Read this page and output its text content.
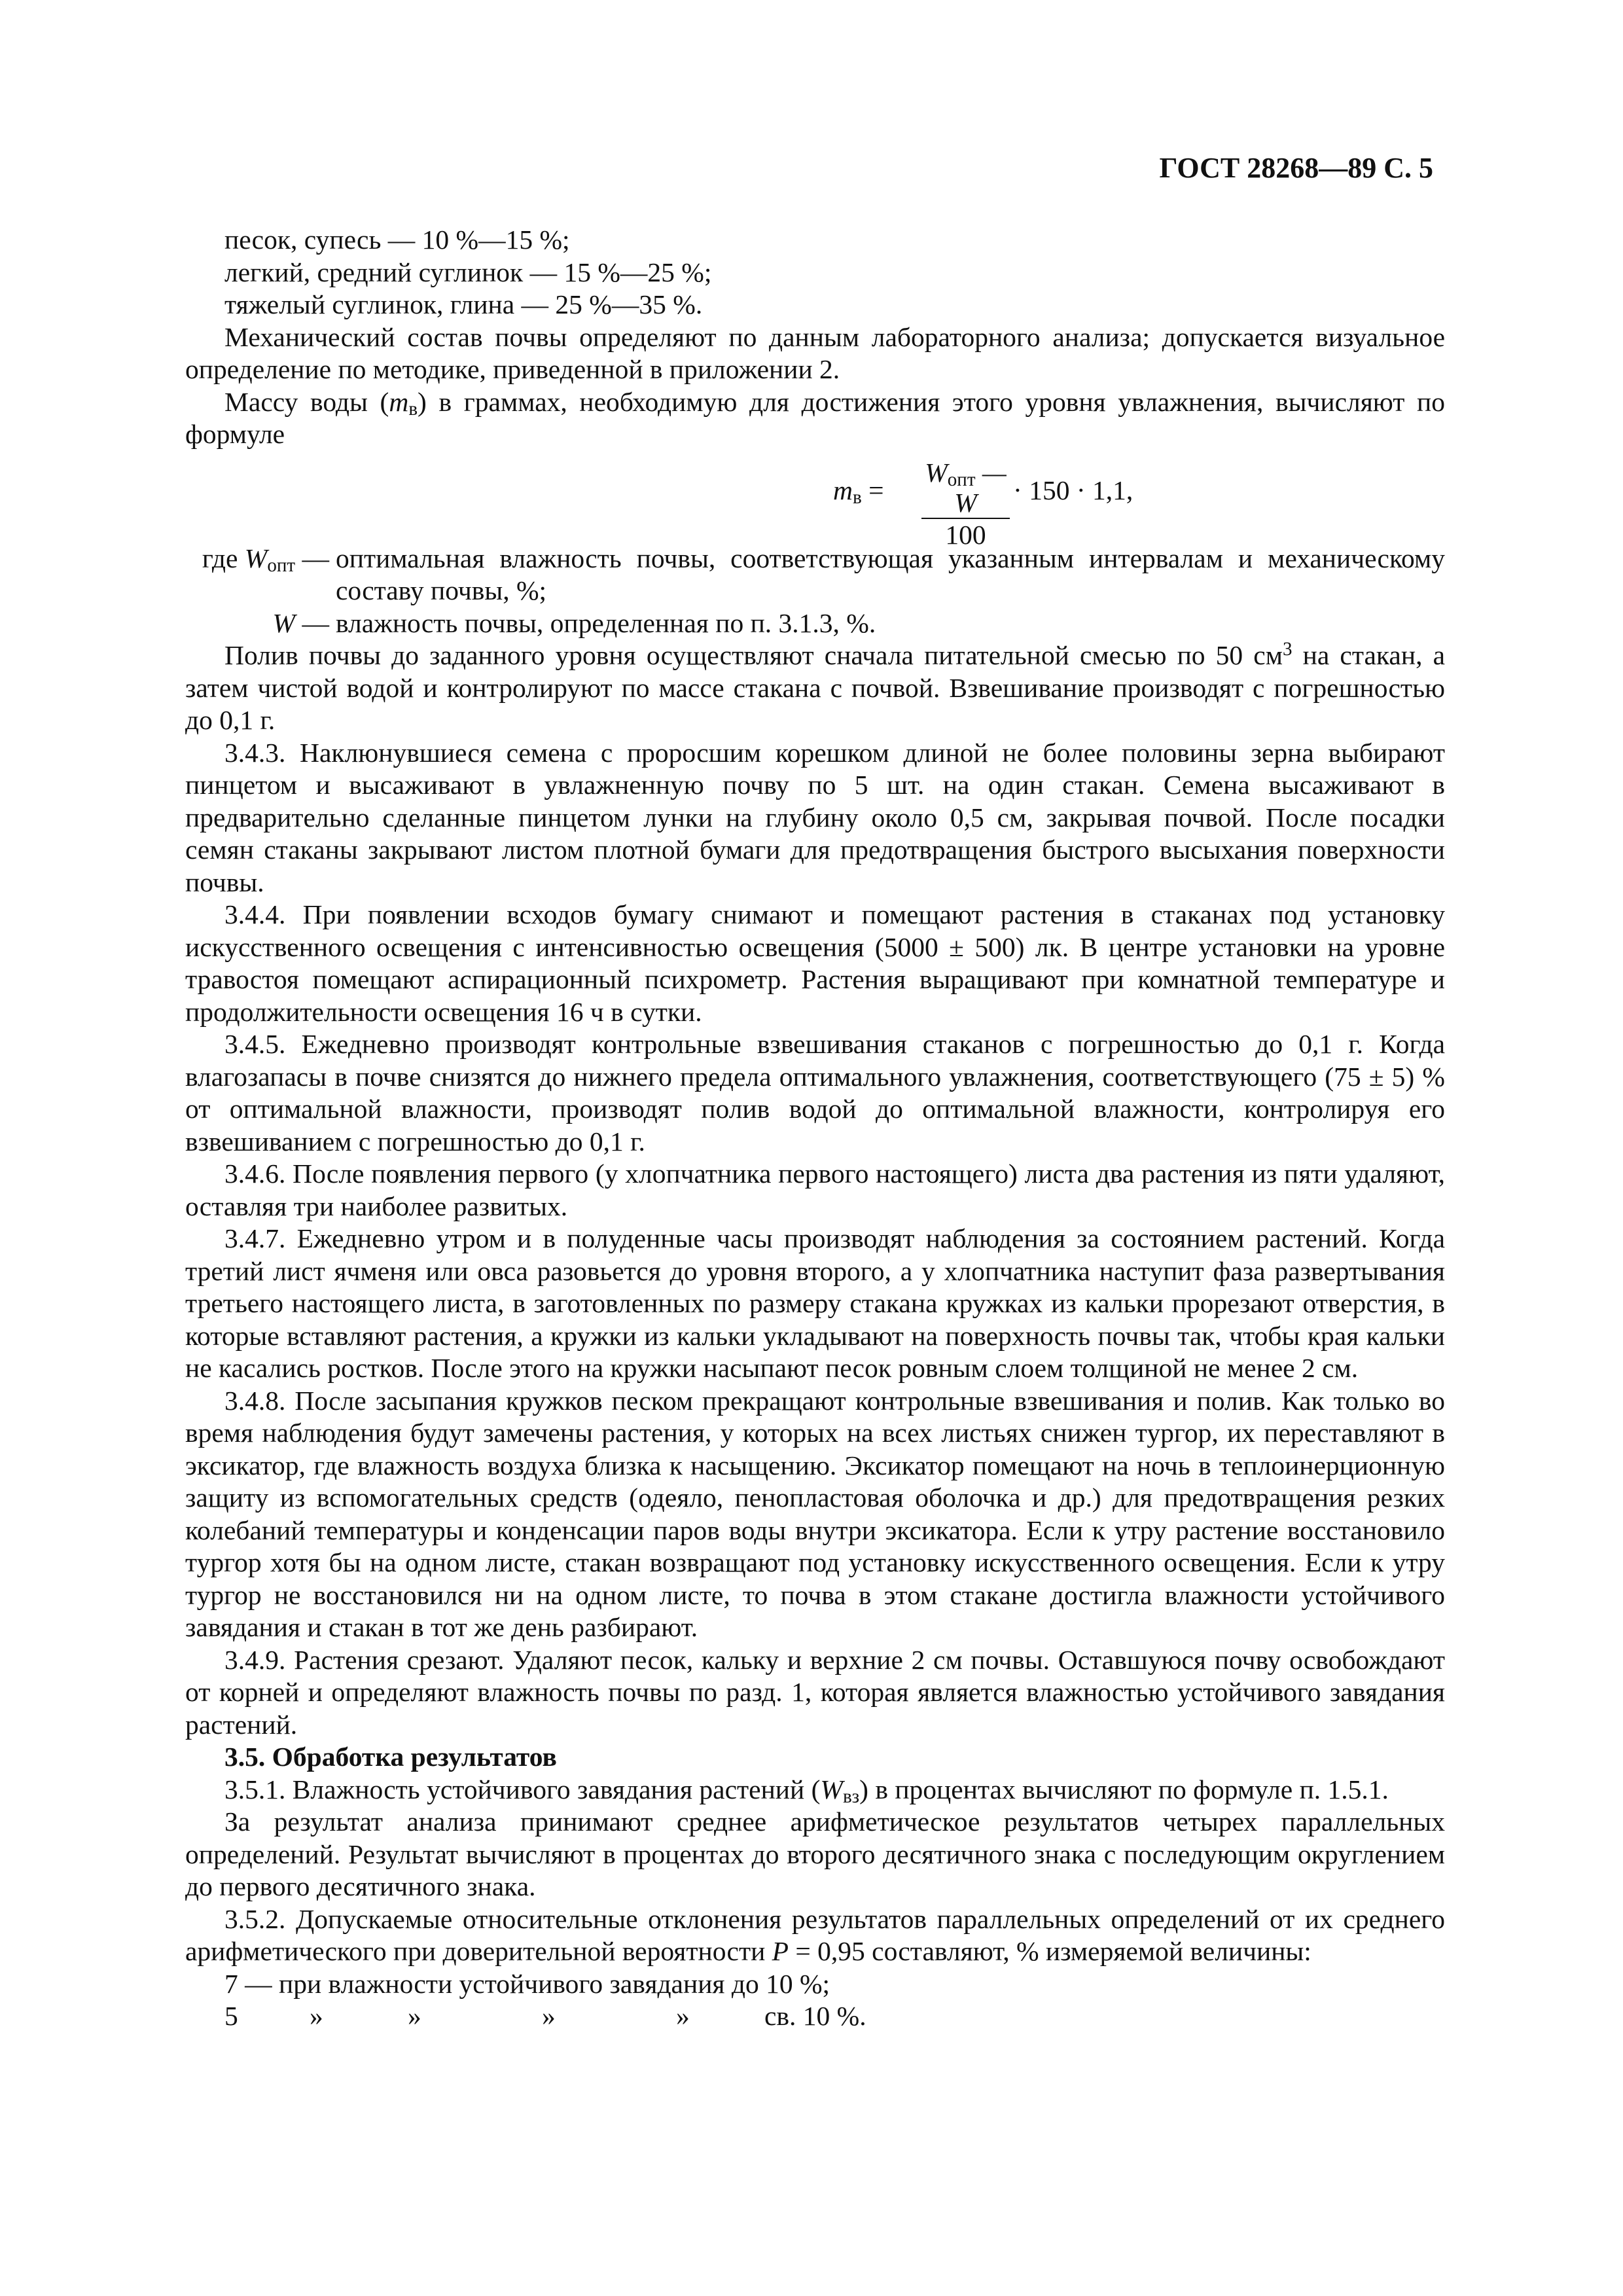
ГОСТ 28268—89 С. 5
песок, супесь — 10 %—15 %;
легкий, средний суглинок — 15 %—25 %;
тяжелый суглинок, глина — 25 %—35 %.

Механический состав почвы определяют по данным лабораторного анализа; допускается визуальное определение по методике, приведенной в приложении 2.

Массу воды $(m_в)$ в граммах, необходимую для достижения этого уровня увлажнения, вычисляют по формуле

$m_в$ =
$W_{опт}$ — W
100
· 150 · 1,1,
где $W_{опт}$ — оптимальная влажность почвы, соответствующая указанным интервалам и механическому составу почвы, %;
W — влажность почвы, определенная по п. 3.1.3, %.

Полив почвы до заданного уровня осуществляют сначала питательной смесью по 50 $см^3$ на стакан, а затем чистой водой и контролируют по массе стакана с почвой. Взвешивание производят с погрешностью до 0,1 г.

3.4.3. Наклюнувшиеся семена с проросшим корешком длиной не более половины зерна выбирают пинцетом и высаживают в увлажненную почву по 5 шт. на один стакан. Семена высаживают в предварительно сделанные пинцетом лунки на глубину около 0,5 см, закрывая почвой. После посадки семян стаканы закрывают листом плотной бумаги для предотвращения быстрого высыхания поверхности почвы.

3.4.4. При появлении всходов бумагу снимают и помещают растения в стаканах под установку искусственного освещения с интенсивностью освещения (5000 ± 500) лк. В центре установки на уровне травостоя помещают аспирационный психрометр. Растения выращивают при комнатной температуре и продолжительности освещения 16 ч в сутки.

3.4.5. Ежедневно производят контрольные взвешивания стаканов с погрешностью до 0,1 г. Когда влагозапасы в почве снизятся до нижнего предела оптимального увлажнения, соответствующего (75 ± 5) % от оптимальной влажности, производят полив водой до оптимальной влажности, контролируя его взвешиванием с погрешностью до 0,1 г.

3.4.6. После появления первого (у хлопчатника первого настоящего) листа два растения из пяти удаляют, оставляя три наиболее развитых.

3.4.7. Ежедневно утром и в полуденные часы производят наблюдения за состоянием растений. Когда третий лист ячменя или овса разовьется до уровня второго, а у хлопчатника наступит фаза развертывания третьего настоящего листа, в заготовленных по размеру стакана кружках из кальки прорезают отверстия, в которые вставляют растения, а кружки из кальки укладывают на поверхность почвы так, чтобы края кальки не касались ростков. После этого на кружки насыпают песок ровным слоем толщиной не менее 2 см.

3.4.8. После засыпания кружков песком прекращают контрольные взвешивания и полив. Как только во время наблюдения будут замечены растения, у которых на всех листьях снижен тургор, их переставляют в эксикатор, где влажность воздуха близка к насыщению. Эксикатор помещают на ночь в теплоинерционную защиту из вспомогательных средств (одеяло, пенопластовая оболочка и др.) для предотвращения резких колебаний температуры и конденсации паров воды внутри эксикатора. Если к утру растение восстановило тургор хотя бы на одном листе, стакан возвращают под установку искусственного освещения. Если к утру тургор не восстановился ни на одном листе, то почва в этом стакане достигла влажности устойчивого завядания и стакан в тот же день разбирают.

3.4.9. Растения срезают. Удаляют песок, кальку и верхние 2 см почвы. Оставшуюся почву освобождают от корней и определяют влажность почвы по разд. 1, которая является влажностью устойчивого завядания растений.

3.5. Обработка результатов

3.5.1. Влажность устойчивого завядания растений $(W_{вз})$ в процентах вычисляют по формуле п. 1.5.1.

За результат анализа принимают среднее арифметическое результатов четырех параллельных определений. Результат вычисляют в процентах до второго десятичного знака с последующим округлением до первого десятичного знака.

3.5.2. Допускаемые относительные отклонения результатов параллельных определений от их среднего арифметического при доверительной вероятности P = 0,95 составляют, % измеряемой величины:

7 — при влажности устойчивого завядания до 10 %;
5	»	»	»	»	св. 10 %.
